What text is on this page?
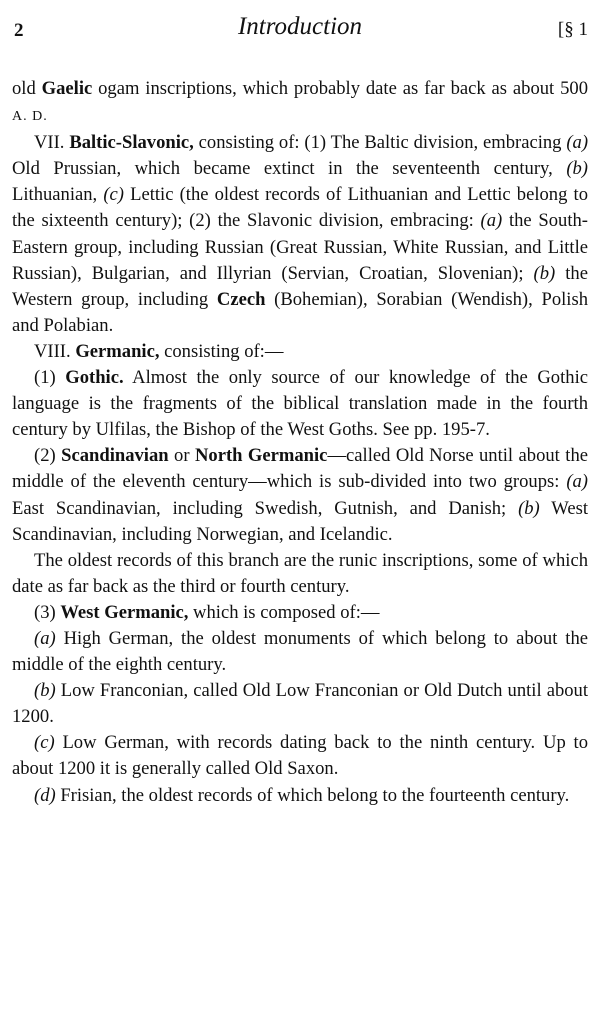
2	Introduction	[§ 1

old Gaelic ogam inscriptions, which probably date as far back as about 500 A. D.

VII. Baltic-Slavonic, consisting of: (1) The Baltic division, embracing (a) Old Prussian, which became extinct in the seventeenth century, (b) Lithuanian, (c) Lettic (the oldest records of Lithuanian and Lettic belong to the sixteenth century); (2) the Slavonic division, embracing: (a) the South-Eastern group, including Russian (Great Russian, White Russian, and Little Russian), Bulgarian, and Illyrian (Servian, Croatian, Slovenian); (b) the Western group, including Czech (Bohemian), Sorabian (Wendish), Polish and Polabian.

VIII. Germanic, consisting of:—

(1) Gothic. Almost the only source of our knowledge of the Gothic language is the fragments of the biblical translation made in the fourth century by Ulfilas, the Bishop of the West Goths. See pp. 195-7.

(2) Scandinavian or North Germanic—called Old Norse until about the middle of the eleventh century—which is sub-divided into two groups: (a) East Scandinavian, including Swedish, Gutnish, and Danish; (b) West Scandinavian, including Norwegian, and Icelandic.

The oldest records of this branch are the runic inscriptions, some of which date as far back as the third or fourth century.

(3) West Germanic, which is composed of:—

(a) High German, the oldest monuments of which belong to about the middle of the eighth century.

(b) Low Franconian, called Old Low Franconian or Old Dutch until about 1200.

(c) Low German, with records dating back to the ninth century. Up to about 1200 it is generally called Old Saxon.

(d) Frisian, the oldest records of which belong to the fourteenth century.
